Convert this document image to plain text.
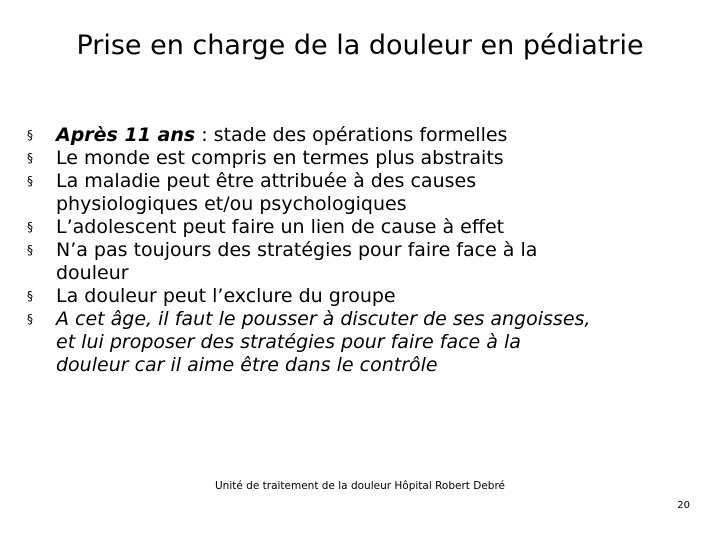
Prise en charge de la douleur en pédiatrie
§ Après 11 ans : stade des opérations formelles
§ Le monde est compris en termes plus abstraits
§ La maladie peut être attribuée à des causes
physiologiques et/ou psychologiques
§ L’adolescent peut faire un lien de cause à effet
§ N’a pas toujours des stratégies pour faire face à la
douleur
§ La douleur peut l’exclure du groupe
§ A cet âge, il faut le pousser à discuter de ses angoisses,
et lui proposer des stratégies pour faire face à la
douleur car il aime être dans le contrôle
Unité de traitement de la douleur Hôpital Robert Debré
20
